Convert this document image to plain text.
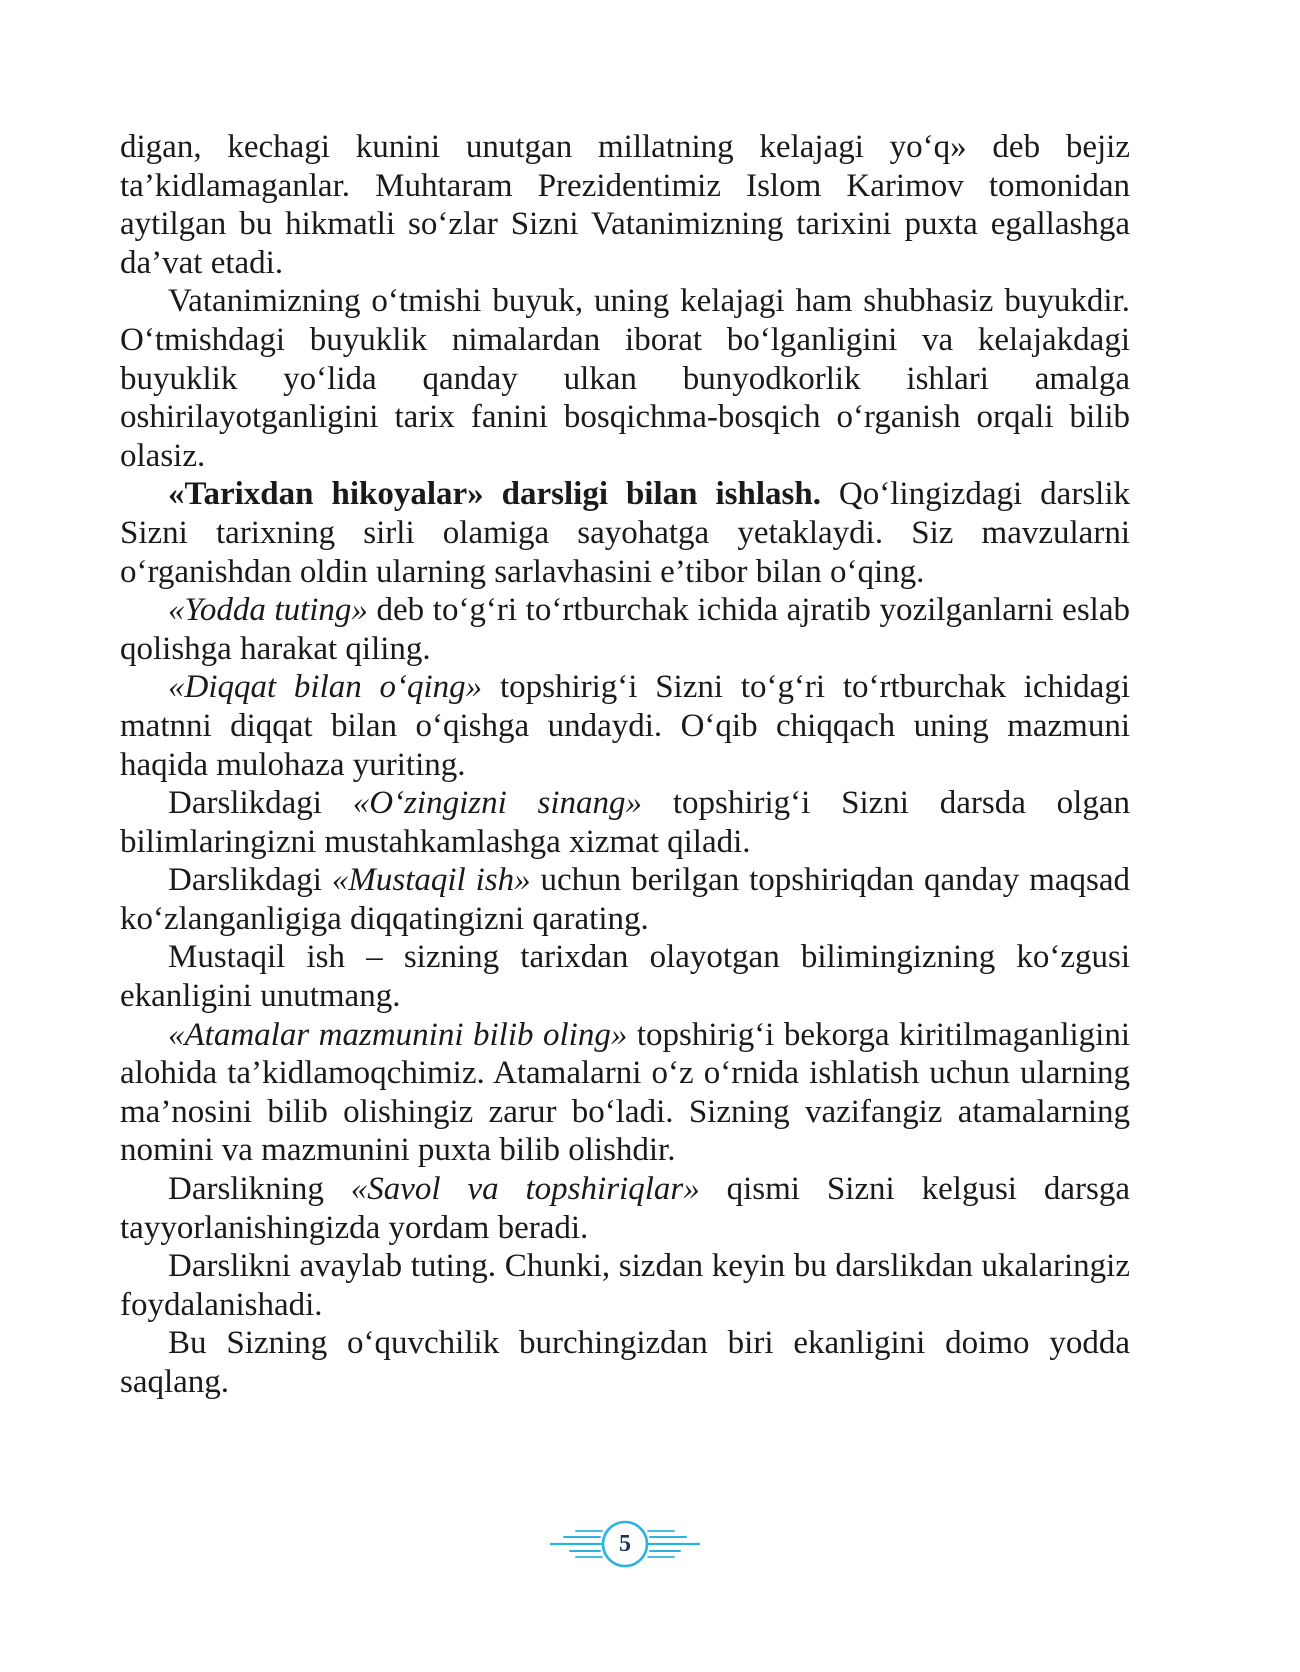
digan, kechagi kunini unutgan millatning kelajagi yo‘q» deb bejiz ta’kidlamaganlar. Muhtaram Prezidentimiz Islom Karimov tomonidan aytilgan bu hikmatli so‘zlar Sizni Vatanimizning tarixini puxta egallashga da’vat etadi.

Vatanimizning o‘tmishi buyuk, uning kelajagi ham shubhasiz buyukdir. O‘tmishdagi buyuklik nimalardan iborat bo‘lganligini va kelajakdagi buyuklik yo‘lida qanday ulkan bunyodkorlik ishlari amalga oshirilayotganligini tarix fanini bosqichma-bosqich o‘rganish orqali bilib olasiz.

«Tarixdan hikoyalar» darsligi bilan ishlash. Qo‘lingizdagi darslik Sizni tarixning sirli olamiga sayohatga yetaklaydi. Siz mavzularni o‘rganishdan oldin ularning sarlavhasini e’tibor bilan o‘qing.

«Yodda tuting» deb to‘g‘ri to‘rtburchak ichida ajratib yozilganlarni eslab qolishga harakat qiling.

«Diqqat bilan o‘qing» topshirig‘i Sizni to‘g‘ri to‘rtburchak ichidagi matnni diqqat bilan o‘qishga undaydi. O‘qib chiqqach uning mazmuni haqida mulohaza yuriting.

Darslikdagi «O‘zingizni sinang» topshirig‘i Sizni darsda olgan bilimlaringizni mustahkamlashga xizmat qiladi.

Darslikdagi «Mustaqil ish» uchun berilgan topshiriqdan qanday maqsad ko‘zlanganligiga diqqatingizni qarating.

Mustaqil ish – sizning tarixdan olayotgan bilimingizning ko‘zgusi ekanligini unutmang.

«Atamalar mazmunini bilib oling» topshirig‘i bekorga kiritilmaganligini alohida ta’kidlamoqchimiz. Atamalarni o‘z o‘rnida ishlatish uchun ularning ma’nosini bilib olishingiz zarur bo‘ladi. Sizning vazifangiz atamalarning nomini va mazmunini puxta bilib olishdir.

Darslikning «Savol va topshiriqlar» qismi Sizni kelgusi darsga tayyorlanishingizda yordam beradi.

Darslikni avaylab tuting. Chunki, sizdan keyin bu darslikdan ukalaringiz foydalanishadi.

Bu Sizning o‘quvchilik burchingizdan biri ekanligini doimo yodda saqlang.

5
